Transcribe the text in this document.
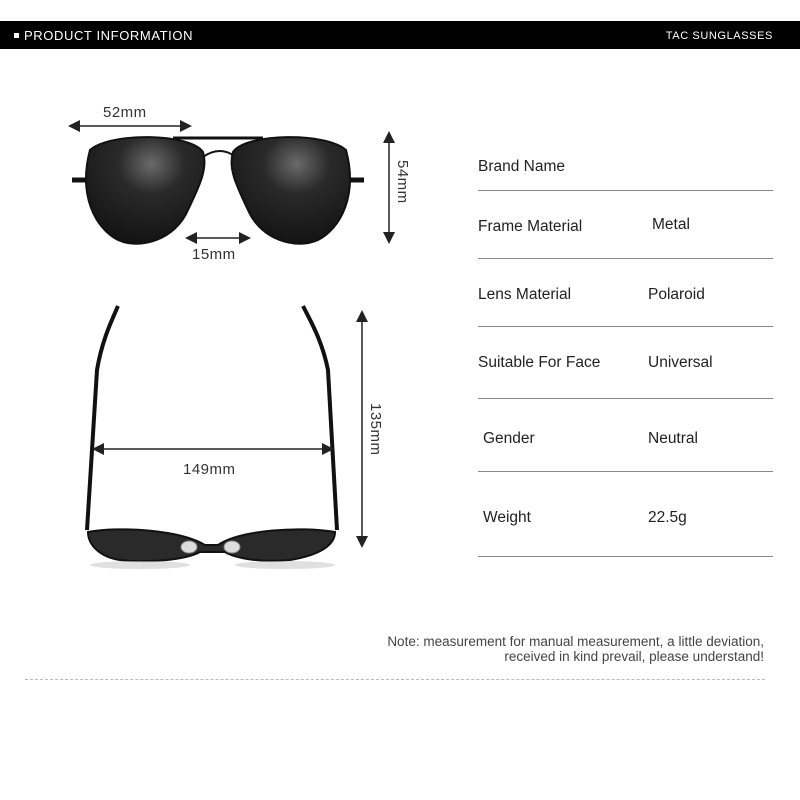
PRODUCT INFORMATION	TAC SUNGLASSES
52mm
15mm
54mm
149mm
135mm
Brand Name
Frame Material	Metal
Lens Material	Polaroid
Suitable For Face	Universal
Gender	Neutral
Weight	22.5g
Note: measurement for manual measurement, a little deviation,
received in kind prevail, please understand!
